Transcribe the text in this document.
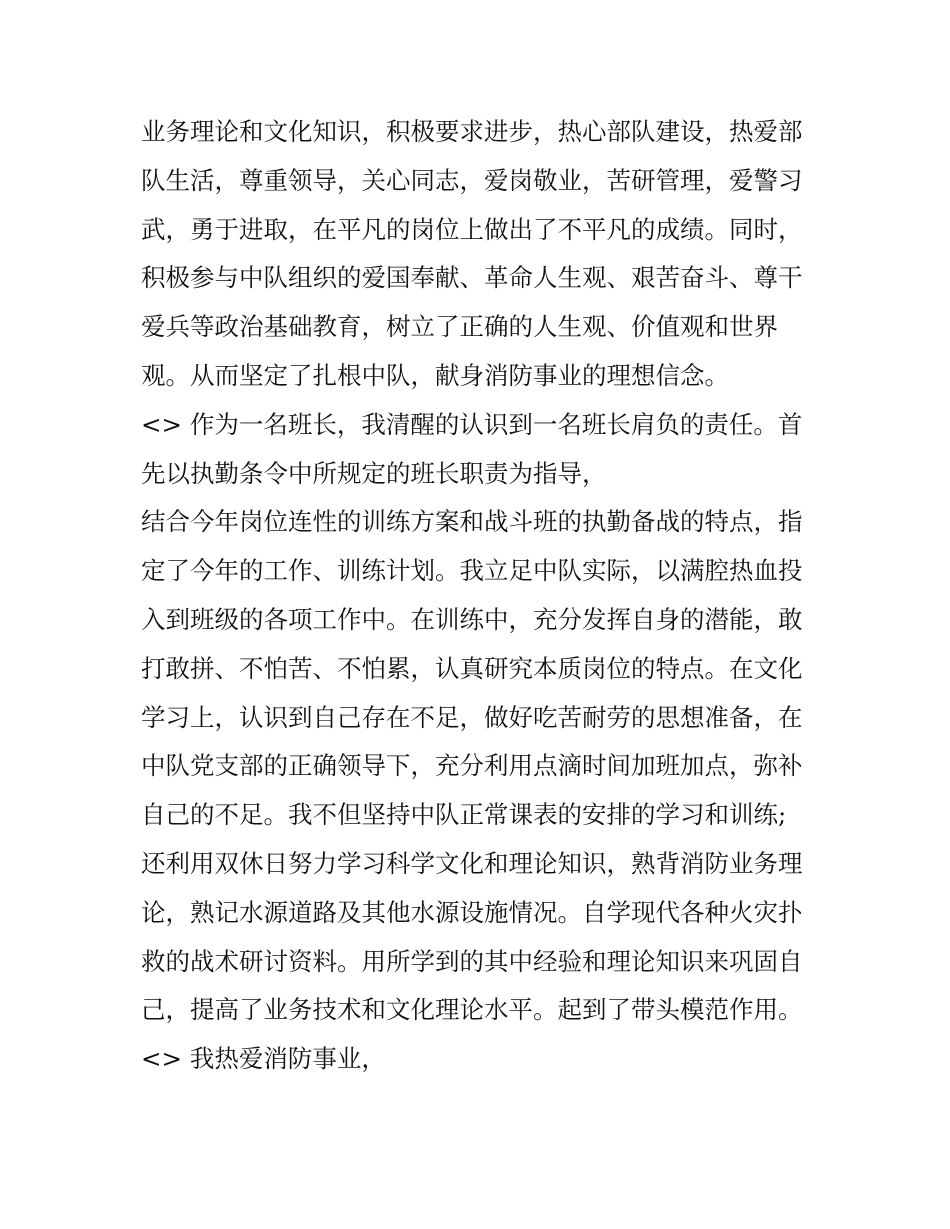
业务理论和文化知识，积极要求进步，热心部队建设，热爱部
队生活，尊重领导，关心同志，爱岗敬业，苦研管理，爱警习
武，勇于进取，在平凡的岗位上做出了不平凡的成绩。同时，
积极参与中队组织的爱国奉献、革命人生观、艰苦奋斗、尊干
爱兵等政治基础教育，树立了正确的人生观、价值观和世界
观。从而坚定了扎根中队，献身消防事业的理想信念。
<> 作为一名班长，我清醒的认识到一名班长肩负的责任。首
先以执勤条令中所规定的班长职责为指导，
结合今年岗位连性的训练方案和战斗班的执勤备战的特点，指
定了今年的工作、训练计划。我立足中队实际，以满腔热血投
入到班级的各项工作中。在训练中，充分发挥自身的潜能，敢
打敢拼、不怕苦、不怕累，认真研究本质岗位的特点。在文化
学习上，认识到自己存在不足，做好吃苦耐劳的思想准备，在
中队党支部的正确领导下，充分利用点滴时间加班加点，弥补
自己的不足。我不但坚持中队正常课表的安排的学习和训练;
还利用双休日努力学习科学文化和理论知识，熟背消防业务理
论，熟记水源道路及其他水源设施情况。自学现代各种火灾扑
救的战术研讨资料。用所学到的其中经验和理论知识来巩固自
己，提高了业务技术和文化理论水平。起到了带头模范作用。
<> 我热爱消防事业，
